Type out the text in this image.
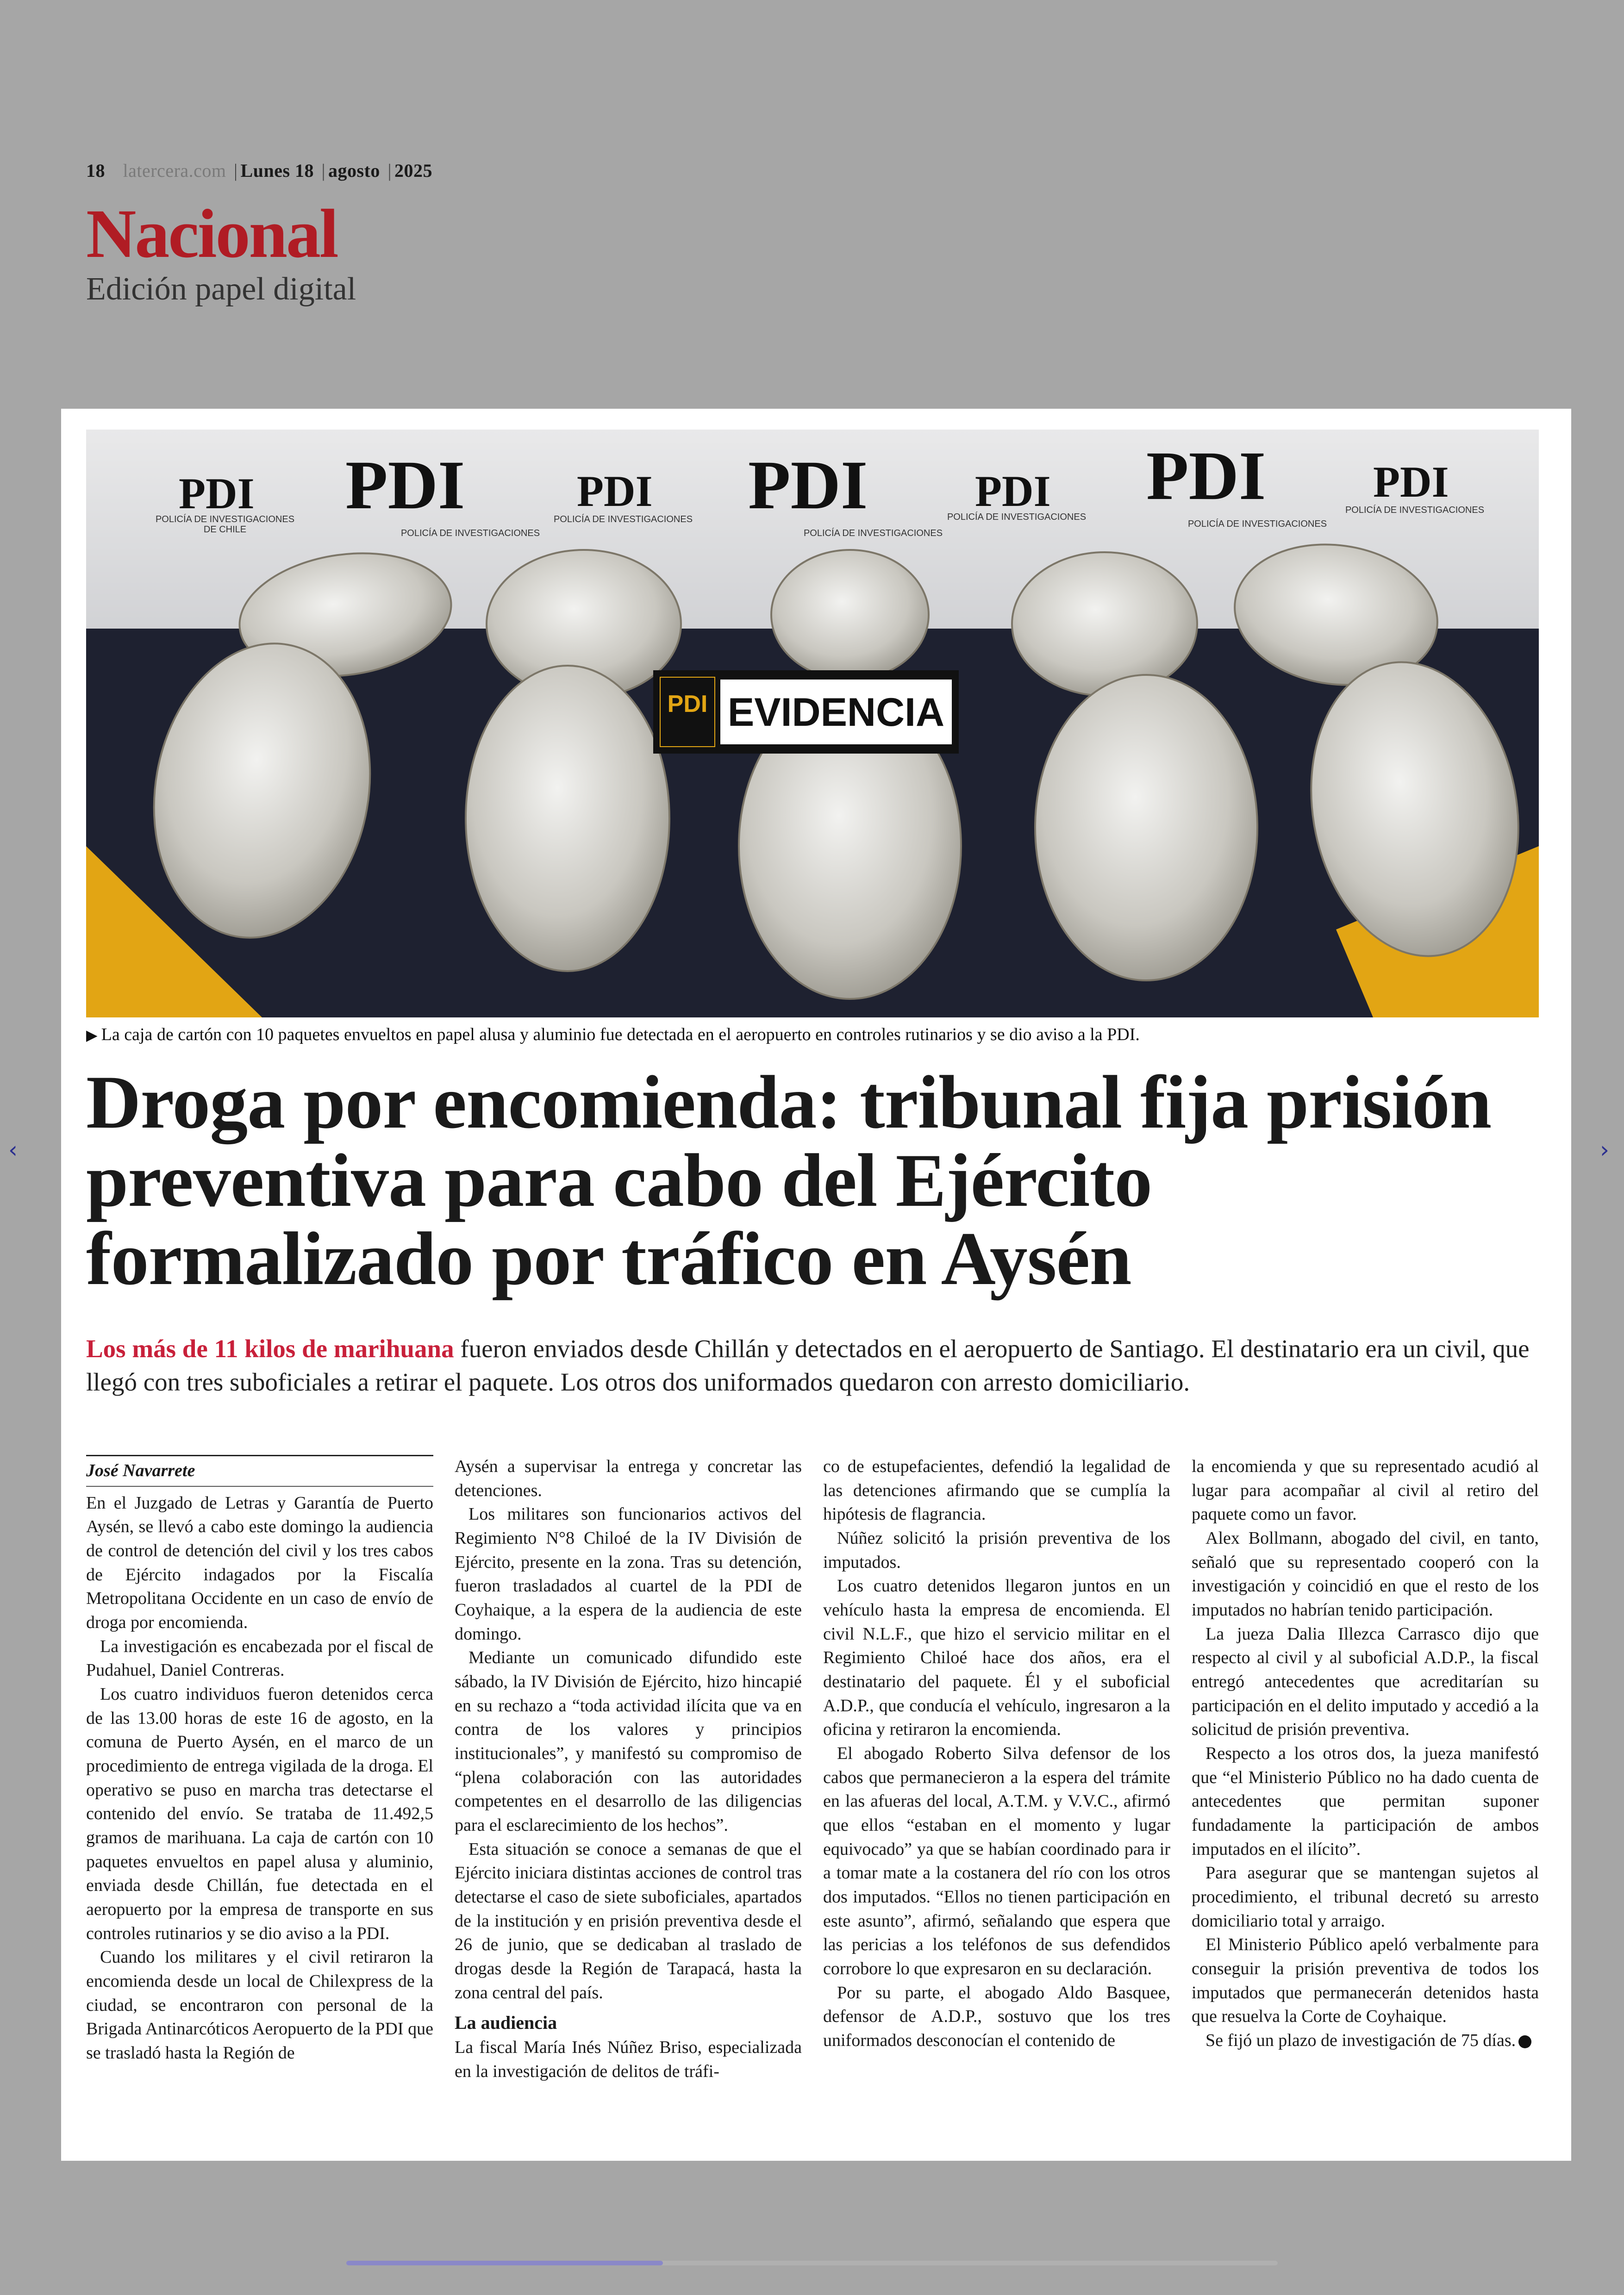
18 latercera.com | Lunes 18 | agosto | 2025
Nacional
Edición papel digital
‹	›
PDI PDI	PDI PDI PDI PDI PDI
POLICÍA DE INVESTIGACIONES
DE CHILE	POLICÍA DE INVESTIGACIONES
POLICÍA DE INVESTIGACIONES
POLICÍA DE INVESTIGACIONES
POLICÍA DE INVESTIGACIONES
POLICÍA DE INVESTIGACIONES
POLICÍA DE INVESTIGACIONES
PDI EVIDENCIA
▶ La caja de cartón con 10 paquetes envueltos en papel alusa y aluminio fue detectada en el aeropuerto en controles rutinarios y se dio aviso a la PDI.
Droga por encomienda: tribunal fija prisión preventiva para cabo del Ejército formalizado por tráfico en Aysén
Los más de 11 kilos de marihuana fueron enviados desde Chillán y detectados en el aeropuerto de Santiago. El destinatario era un civil, que llegó con tres suboficiales a retirar el paquete. Los otros dos uniformados quedaron con arresto domiciliario.
José Navarrete

En el Juzgado de Letras y Garantía de Puerto Aysén, se llevó a cabo este domingo la audiencia de control de detención del civil y los tres cabos de Ejército indagados por la Fiscalía Metropolitana Occidente en un caso de envío de droga por encomienda.

La investigación es encabezada por el fiscal de Pudahuel, Daniel Contreras.

Los cuatro individuos fueron detenidos cerca de las 13.00 horas de este 16 de agosto, en la comuna de Puerto Aysén, en el marco de un procedimiento de entrega vigilada de la droga. El operativo se puso en marcha tras detectarse el contenido del envío. Se trataba de 11.492,5 gramos de marihuana. La caja de cartón con 10 paquetes envueltos en papel alusa y aluminio, enviada desde Chillán, fue detectada en el aeropuerto por la empresa de transporte en sus controles rutinarios y se dio aviso a la PDI.

Cuando los militares y el civil retiraron la encomienda desde un local de Chilexpress de la ciudad, se encontraron con personal de la Brigada Antinarcóticos Aeropuerto de la PDI que se trasladó hasta la Región de

Aysén a supervisar la entrega y concretar las detenciones.

Los militares son funcionarios activos del Regimiento N°8 Chiloé de la IV División de Ejército, presente en la zona. Tras su detención, fueron trasladados al cuartel de la PDI de Coyhaique, a la espera de la audiencia de este domingo.

Mediante un comunicado difundido este sábado, la IV División de Ejército, hizo hincapié en su rechazo a “toda actividad ilícita que va en contra de los valores y principios institucionales”, y manifestó su compromiso de “plena colaboración con las autoridades competentes en el desarrollo de las diligencias para el esclarecimiento de los hechos”.

Esta situación se conoce a semanas de que el Ejército iniciara distintas acciones de control tras detectarse el caso de siete suboficiales, apartados de la institución y en prisión preventiva desde el 26 de junio, que se dedicaban al traslado de drogas desde la Región de Tarapacá, hasta la zona central del país.

La audiencia

La fiscal María Inés Núñez Briso, especializada en la investigación de delitos de tráfi-

co de estupefacientes, defendió la legalidad de las detenciones afirmando que se cumplía la hipótesis de flagrancia.

Núñez solicitó la prisión preventiva de los imputados.

Los cuatro detenidos llegaron juntos en un vehículo hasta la empresa de encomienda. El civil N.L.F., que hizo el servicio militar en el Regimiento Chiloé hace dos años, era el destinatario del paquete. Él y el suboficial A.D.P., que conducía el vehículo, ingresaron a la oficina y retiraron la encomienda.

El abogado Roberto Silva defensor de los cabos que permanecieron a la espera del trámite en las afueras del local, A.T.M. y V.V.C., afirmó que ellos “estaban en el momento y lugar equivocado” ya que se habían coordinado para ir a tomar mate a la costanera del río con los otros dos imputados. “Ellos no tienen participación en este asunto”, afirmó, señalando que espera que las pericias a los teléfonos de sus defendidos corrobore lo que expresaron en su declaración.

Por su parte, el abogado Aldo Basquee, defensor de A.D.P., sostuvo que los tres uniformados desconocían el contenido de

la encomienda y que su representado acudió al lugar para acompañar al civil al retiro del paquete como un favor.

Alex Bollmann, abogado del civil, en tanto, señaló que su representado cooperó con la investigación y coincidió en que el resto de los imputados no habrían tenido participación.

La jueza Dalia Illezca Carrasco dijo que respecto al civil y al suboficial A.D.P., la fiscal entregó antecedentes que acreditarían su participación en el delito imputado y accedió a la solicitud de prisión preventiva.

Respecto a los otros dos, la jueza manifestó que “el Ministerio Público no ha dado cuenta de antecedentes que permitan suponer fundadamente la participación de ambos imputados en el ilícito”.

Para asegurar que se mantengan sujetos al procedimiento, el tribunal decretó su arresto domiciliario total y arraigo.

El Ministerio Público apeló verbalmente para conseguir la prisión preventiva de todos los imputados que permanecerán detenidos hasta que resuelva la Corte de Coyhaique.

Se fijó un plazo de investigación de 75 días.
